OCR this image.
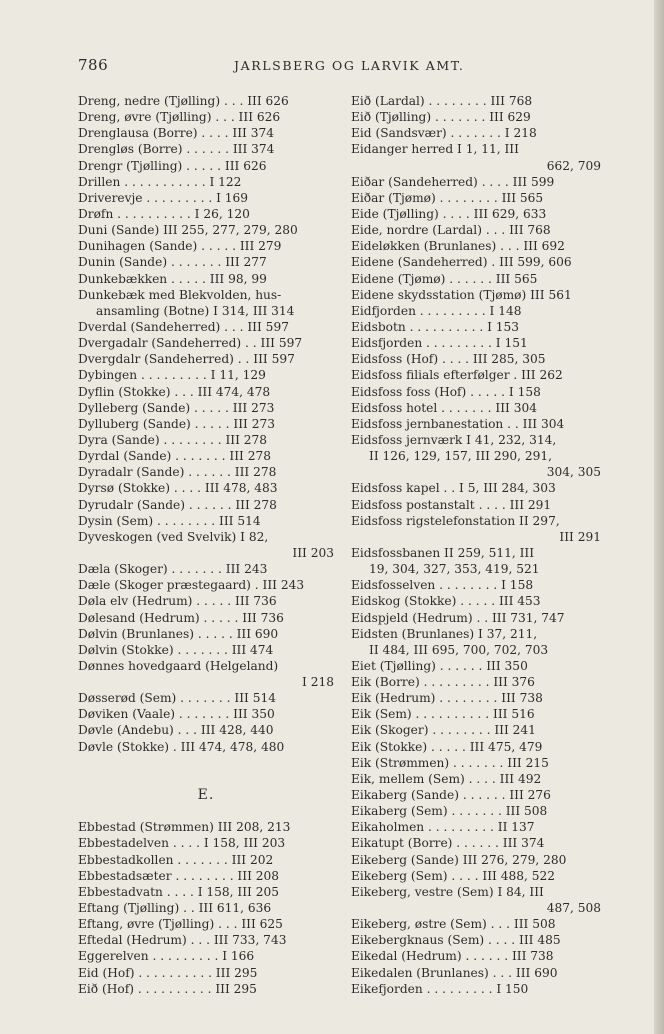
786	JARLSBERG OG LARVIK AMT.
Dreng, nedre (Tjølling) . . . III 626
Dreng, øvre (Tjølling) . . . III 626
Drenglausa (Borre) . . . . III 374
Drengløs (Borre) . . . . . . III 374
Drengr (Tjølling) . . . . . III 626
Drillen . . . . . . . . . . . I 122
Driverevje . . . . . . . . . I 169
Drøfn . . . . . . . . . . I 26, 120
Duni (Sande) III 255, 277, 279, 280
Dunihagen (Sande) . . . . . III 279
Dunin (Sande) . . . . . . . III 277
Dunkebækken . . . . . III 98, 99
Dunkebæk med Blekvolden, hus-
ansamling (Botne) I 314, III 314
Dverdal (Sandeherred) . . . III 597
Dvergadalr (Sandeherred) . . III 597
Dvergdalr (Sandeherred) . . III 597
Dybingen . . . . . . . . . I 11, 129
Dyflin (Stokke) . . . III 474, 478
Dylleberg (Sande) . . . . . III 273
Dylluberg (Sande) . . . . . III 273
Dyra (Sande) . . . . . . . . III 278
Dyrdal (Sande) . . . . . . . III 278
Dyradalr (Sande) . . . . . . III 278
Dyrsø (Stokke) . . . . III 478, 483
Dyrudalr (Sande) . . . . . . III 278
Dysin (Sem) . . . . . . . . III 514
Dyveskogen (ved Svelvik) I 82,
III 203
Dæla (Skoger) . . . . . . . III 243
Dæle (Skoger præstegaard) . III 243
Døla elv (Hedrum) . . . . . III 736
Dølesand (Hedrum) . . . . . III 736
Dølvin (Brunlanes) . . . . . III 690
Dølvin (Stokke) . . . . . . . III 474
Dønnes hovedgaard (Helgeland)
I 218
Døsserød (Sem) . . . . . . . III 514
Døviken (Vaale) . . . . . . . III 350
Døvle (Andebu) . . . III 428, 440
Døvle (Stokke) . III 474, 478, 480
E.
Ebbestad (Strømmen) III 208, 213
Ebbestadelven . . . . I 158, III 203
Ebbestadkollen . . . . . . . III 202
Ebbestadsæter . . . . . . . . III 208
Ebbestadvatn . . . . I 158, III 205
Eftang (Tjølling) . . III 611, 636
Eftang, øvre (Tjølling) . . . III 625
Eftedal (Hedrum) . . . III 733, 743
Eggerelven . . . . . . . . . I 166
Eid (Hof) . . . . . . . . . . III 295
Eið (Hof) . . . . . . . . . . III 295
Eið (Lardal) . . . . . . . . III 768
Eið (Tjølling) . . . . . . . III 629
Eid (Sandsvær) . . . . . . . I 218
Eidanger herred I 1, 11, III
662, 709
Eiðar (Sandeherred) . . . . III 599
Eiðar (Tjømø) . . . . . . . . III 565
Eide (Tjølling) . . . . III 629, 633
Eide, nordre (Lardal) . . . III 768
Eideløkken (Brunlanes) . . . III 692
Eidene (Sandeherred) . III 599, 606
Eidene (Tjømø) . . . . . . III 565
Eidene skydsstation (Tjømø) III 561
Eidfjorden . . . . . . . . . I 148
Eidsbotn . . . . . . . . . . I 153
Eidsfjorden . . . . . . . . . I 151
Eidsfoss (Hof) . . . . III 285, 305
Eidsfoss filials efterfølger . III 262
Eidsfoss foss (Hof) . . . . . I 158
Eidsfoss hotel . . . . . . . III 304
Eidsfoss jernbanestation . . III 304
Eidsfoss jernværk I 41, 232, 314,
II 126, 129, 157, III 290, 291,
304, 305
Eidsfoss kapel . . I 5, III 284, 303
Eidsfoss postanstalt . . . . III 291
Eidsfoss rigstelefonstation II 297,
III 291
Eidsfossbanen II 259, 511, III
19, 304, 327, 353, 419, 521
Eidsfosselven . . . . . . . . I 158
Eidskog (Stokke) . . . . . III 453
Eidspjeld (Hedrum) . . III 731, 747
Eidsten (Brunlanes) I 37, 211,
II 484, III 695, 700, 702, 703
Eiet (Tjølling) . . . . . . III 350
Eik (Borre) . . . . . . . . . III 376
Eik (Hedrum) . . . . . . . . III 738
Eik (Sem) . . . . . . . . . . III 516
Eik (Skoger) . . . . . . . . III 241
Eik (Stokke) . . . . . III 475, 479
Eik (Strømmen) . . . . . . . III 215
Eik, mellem (Sem) . . . . III 492
Eikaberg (Sande) . . . . . . III 276
Eikaberg (Sem) . . . . . . . III 508
Eikaholmen . . . . . . . . . II 137
Eikatupt (Borre) . . . . . . III 374
Eikeberg (Sande) III 276, 279, 280
Eikeberg (Sem) . . . . III 488, 522
Eikeberg, vestre (Sem) I 84, III
487, 508
Eikeberg, østre (Sem) . . . III 508
Eikebergknaus (Sem) . . . . III 485
Eikedal (Hedrum) . . . . . . III 738
Eikedalen (Brunlanes) . . . III 690
Eikefjorden . . . . . . . . . I 150
